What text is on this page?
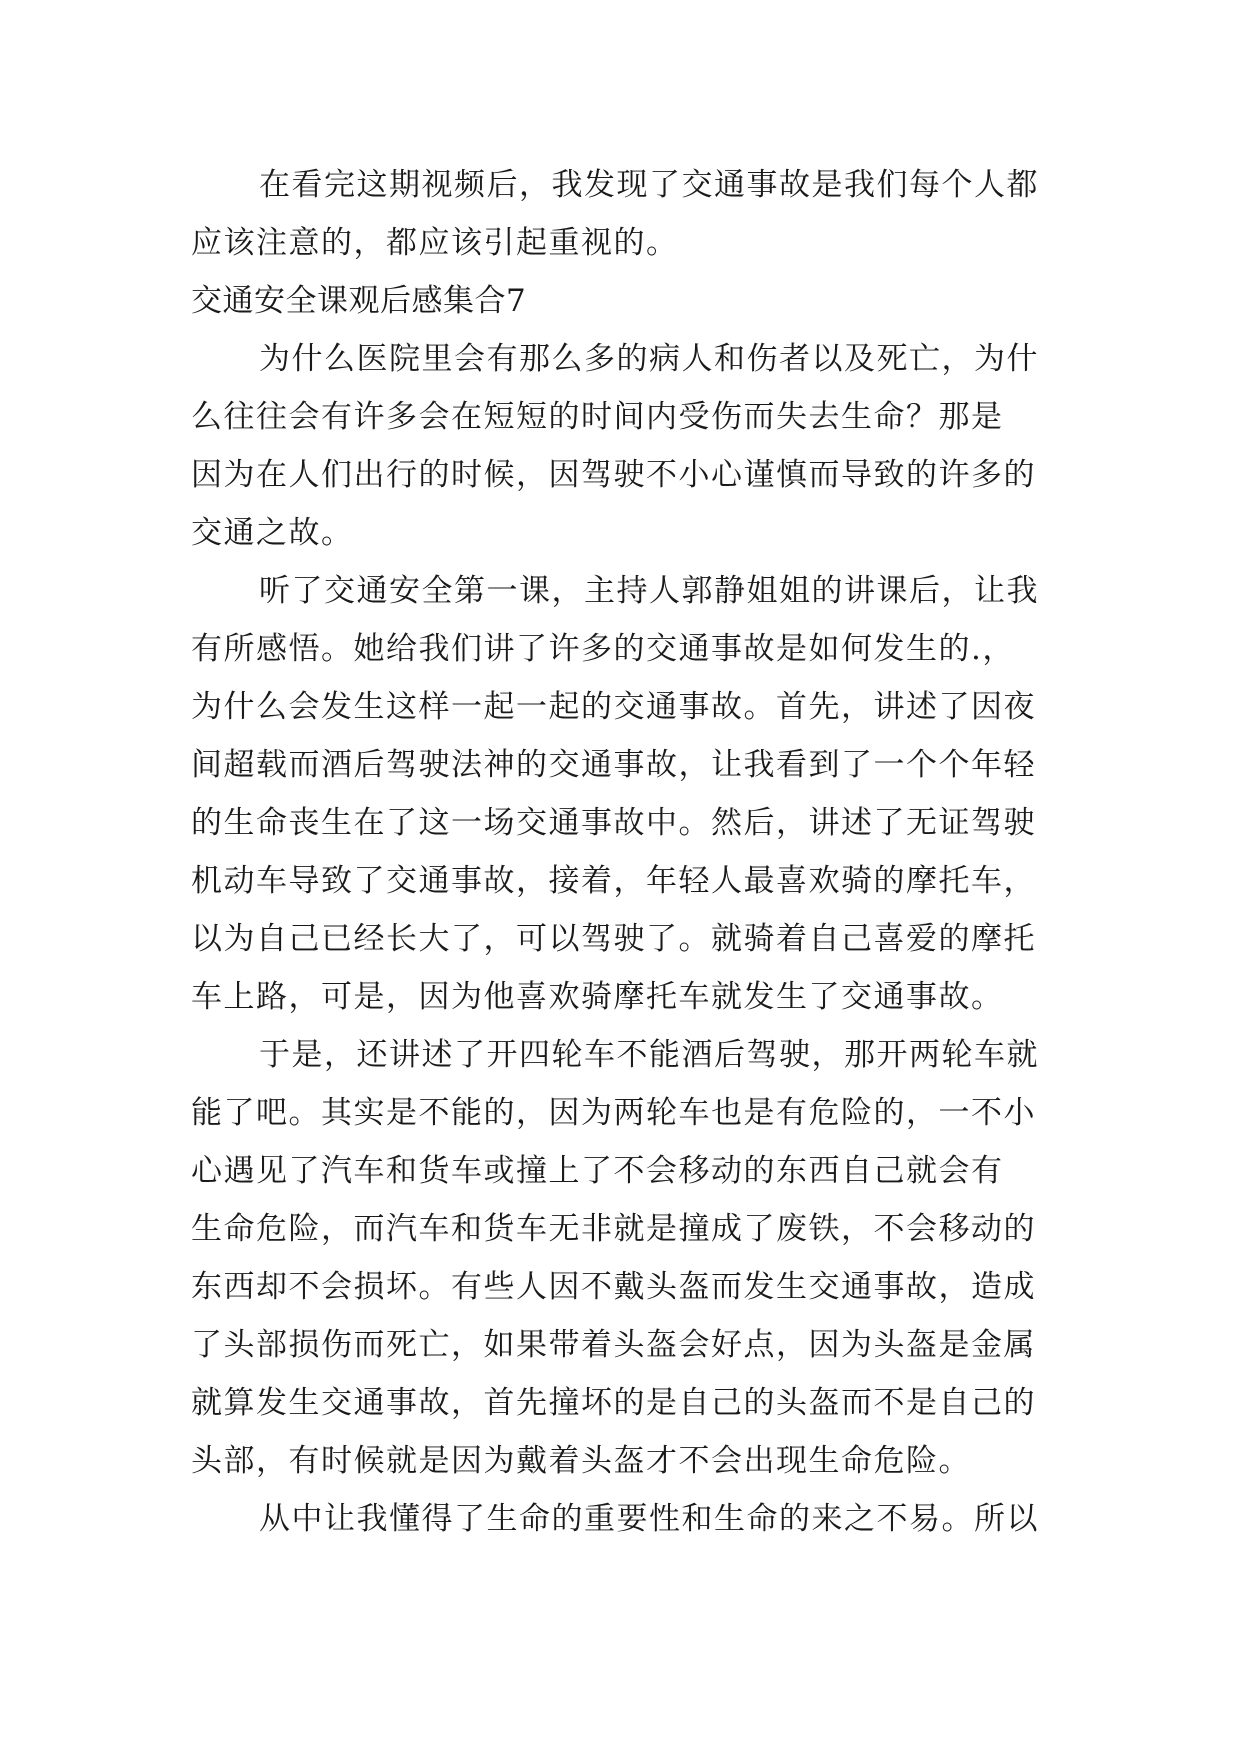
在看完这期视频后，我发现了交通事故是我们每个人都
应该注意的，都应该引起重视的。
交通安全课观后感集合7
为什么医院里会有那么多的病人和伤者以及死亡，为什
么往往会有许多会在短短的时间内受伤而失去生命？那是
因为在人们出行的时候，因驾驶不小心谨慎而导致的许多的
交通之故。
听了交通安全第一课，主持人郭静姐姐的讲课后，让我
有所感悟。她给我们讲了许多的交通事故是如何发生的.，
为什么会发生这样一起一起的交通事故。首先，讲述了因夜
间超载而酒后驾驶法神的交通事故，让我看到了一个个年轻
的生命丧生在了这一场交通事故中。然后，讲述了无证驾驶
机动车导致了交通事故，接着，年轻人最喜欢骑的摩托车，
以为自己已经长大了，可以驾驶了。就骑着自己喜爱的摩托
车上路，可是，因为他喜欢骑摩托车就发生了交通事故。
于是，还讲述了开四轮车不能酒后驾驶，那开两轮车就
能了吧。其实是不能的，因为两轮车也是有危险的，一不小
心遇见了汽车和货车或撞上了不会移动的东西自己就会有
生命危险，而汽车和货车无非就是撞成了废铁，不会移动的
东西却不会损坏。有些人因不戴头盔而发生交通事故，造成
了头部损伤而死亡，如果带着头盔会好点，因为头盔是金属
就算发生交通事故，首先撞坏的是自己的头盔而不是自己的
头部，有时候就是因为戴着头盔才不会出现生命危险。
从中让我懂得了生命的重要性和生命的来之不易。所以
